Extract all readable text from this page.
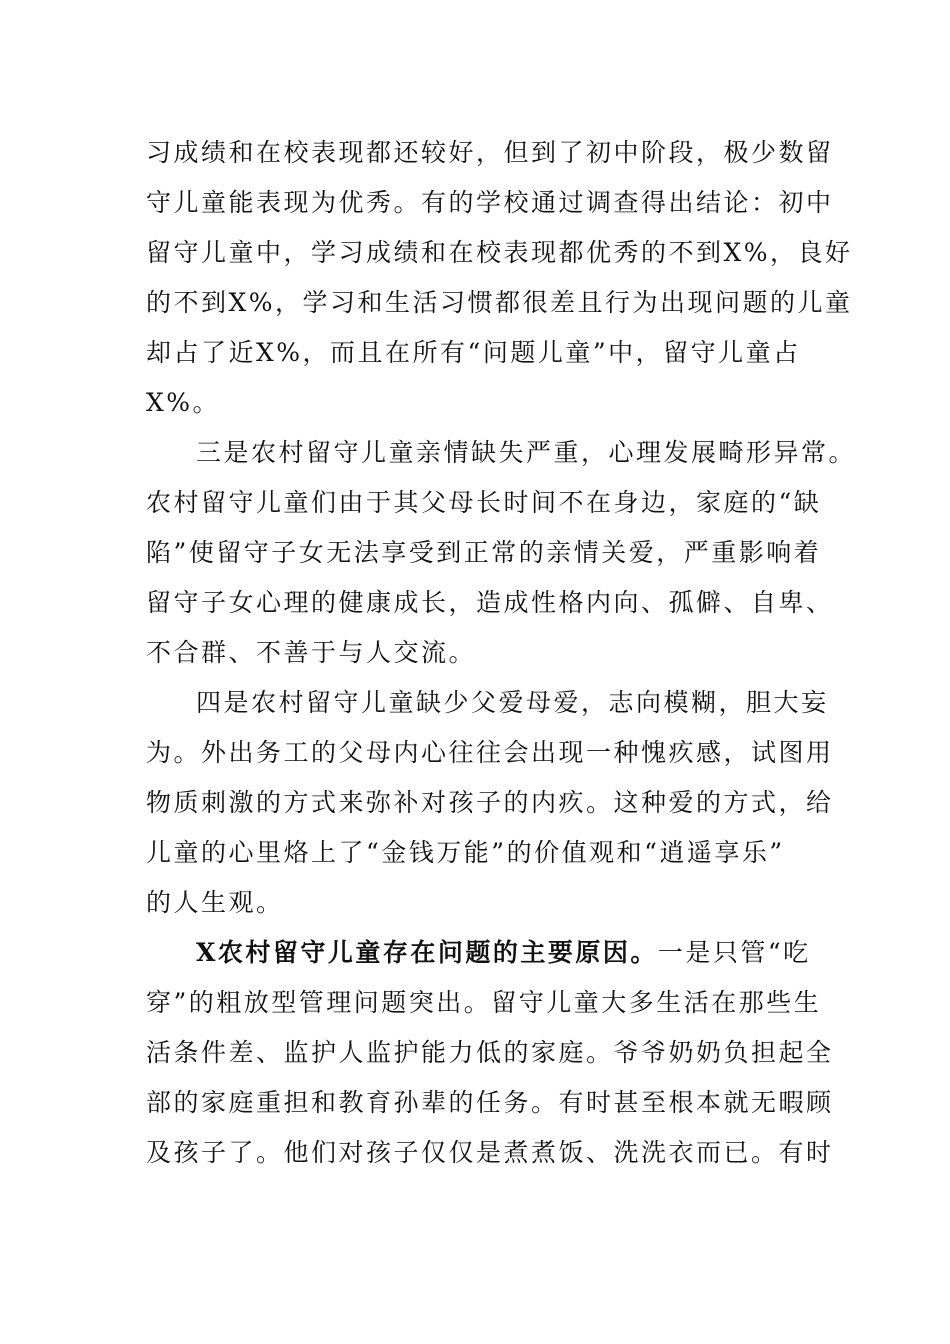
习成绩和在校表现都还较好，但到了初中阶段，极少数留
守儿童能表现为优秀。有的学校通过调查得出结论：初中
留守儿童中，学习成绩和在校表现都优秀的不到X%，良好
的不到X%，学习和生活习惯都很差且行为出现问题的儿童
却占了近X%，而且在所有“问题儿童”中，留守儿童占
X%。
三是农村留守儿童亲情缺失严重，心理发展畸形异常。
农村留守儿童们由于其父母长时间不在身边，家庭的“缺
陷”使留守子女无法享受到正常的亲情关爱，严重影响着
留守子女心理的健康成长，造成性格内向、孤僻、自卑、
不合群、不善于与人交流。
四是农村留守儿童缺少父爱母爱，志向模糊，胆大妄
为。外出务工的父母内心往往会出现一种愧疚感，试图用
物质刺激的方式来弥补对孩子的内疚。这种爱的方式，给
儿童的心里烙上了“金钱万能”的价值观和“逍遥享乐”
的人生观。
X农村留守儿童存在问题的主要原因。一是只管“吃
穿”的粗放型管理问题突出。留守儿童大多生活在那些生
活条件差、监护人监护能力低的家庭。爷爷奶奶负担起全
部的家庭重担和教育孙辈的任务。有时甚至根本就无暇顾
及孩子了。他们对孩子仅仅是煮煮饭、洗洗衣而已。有时
